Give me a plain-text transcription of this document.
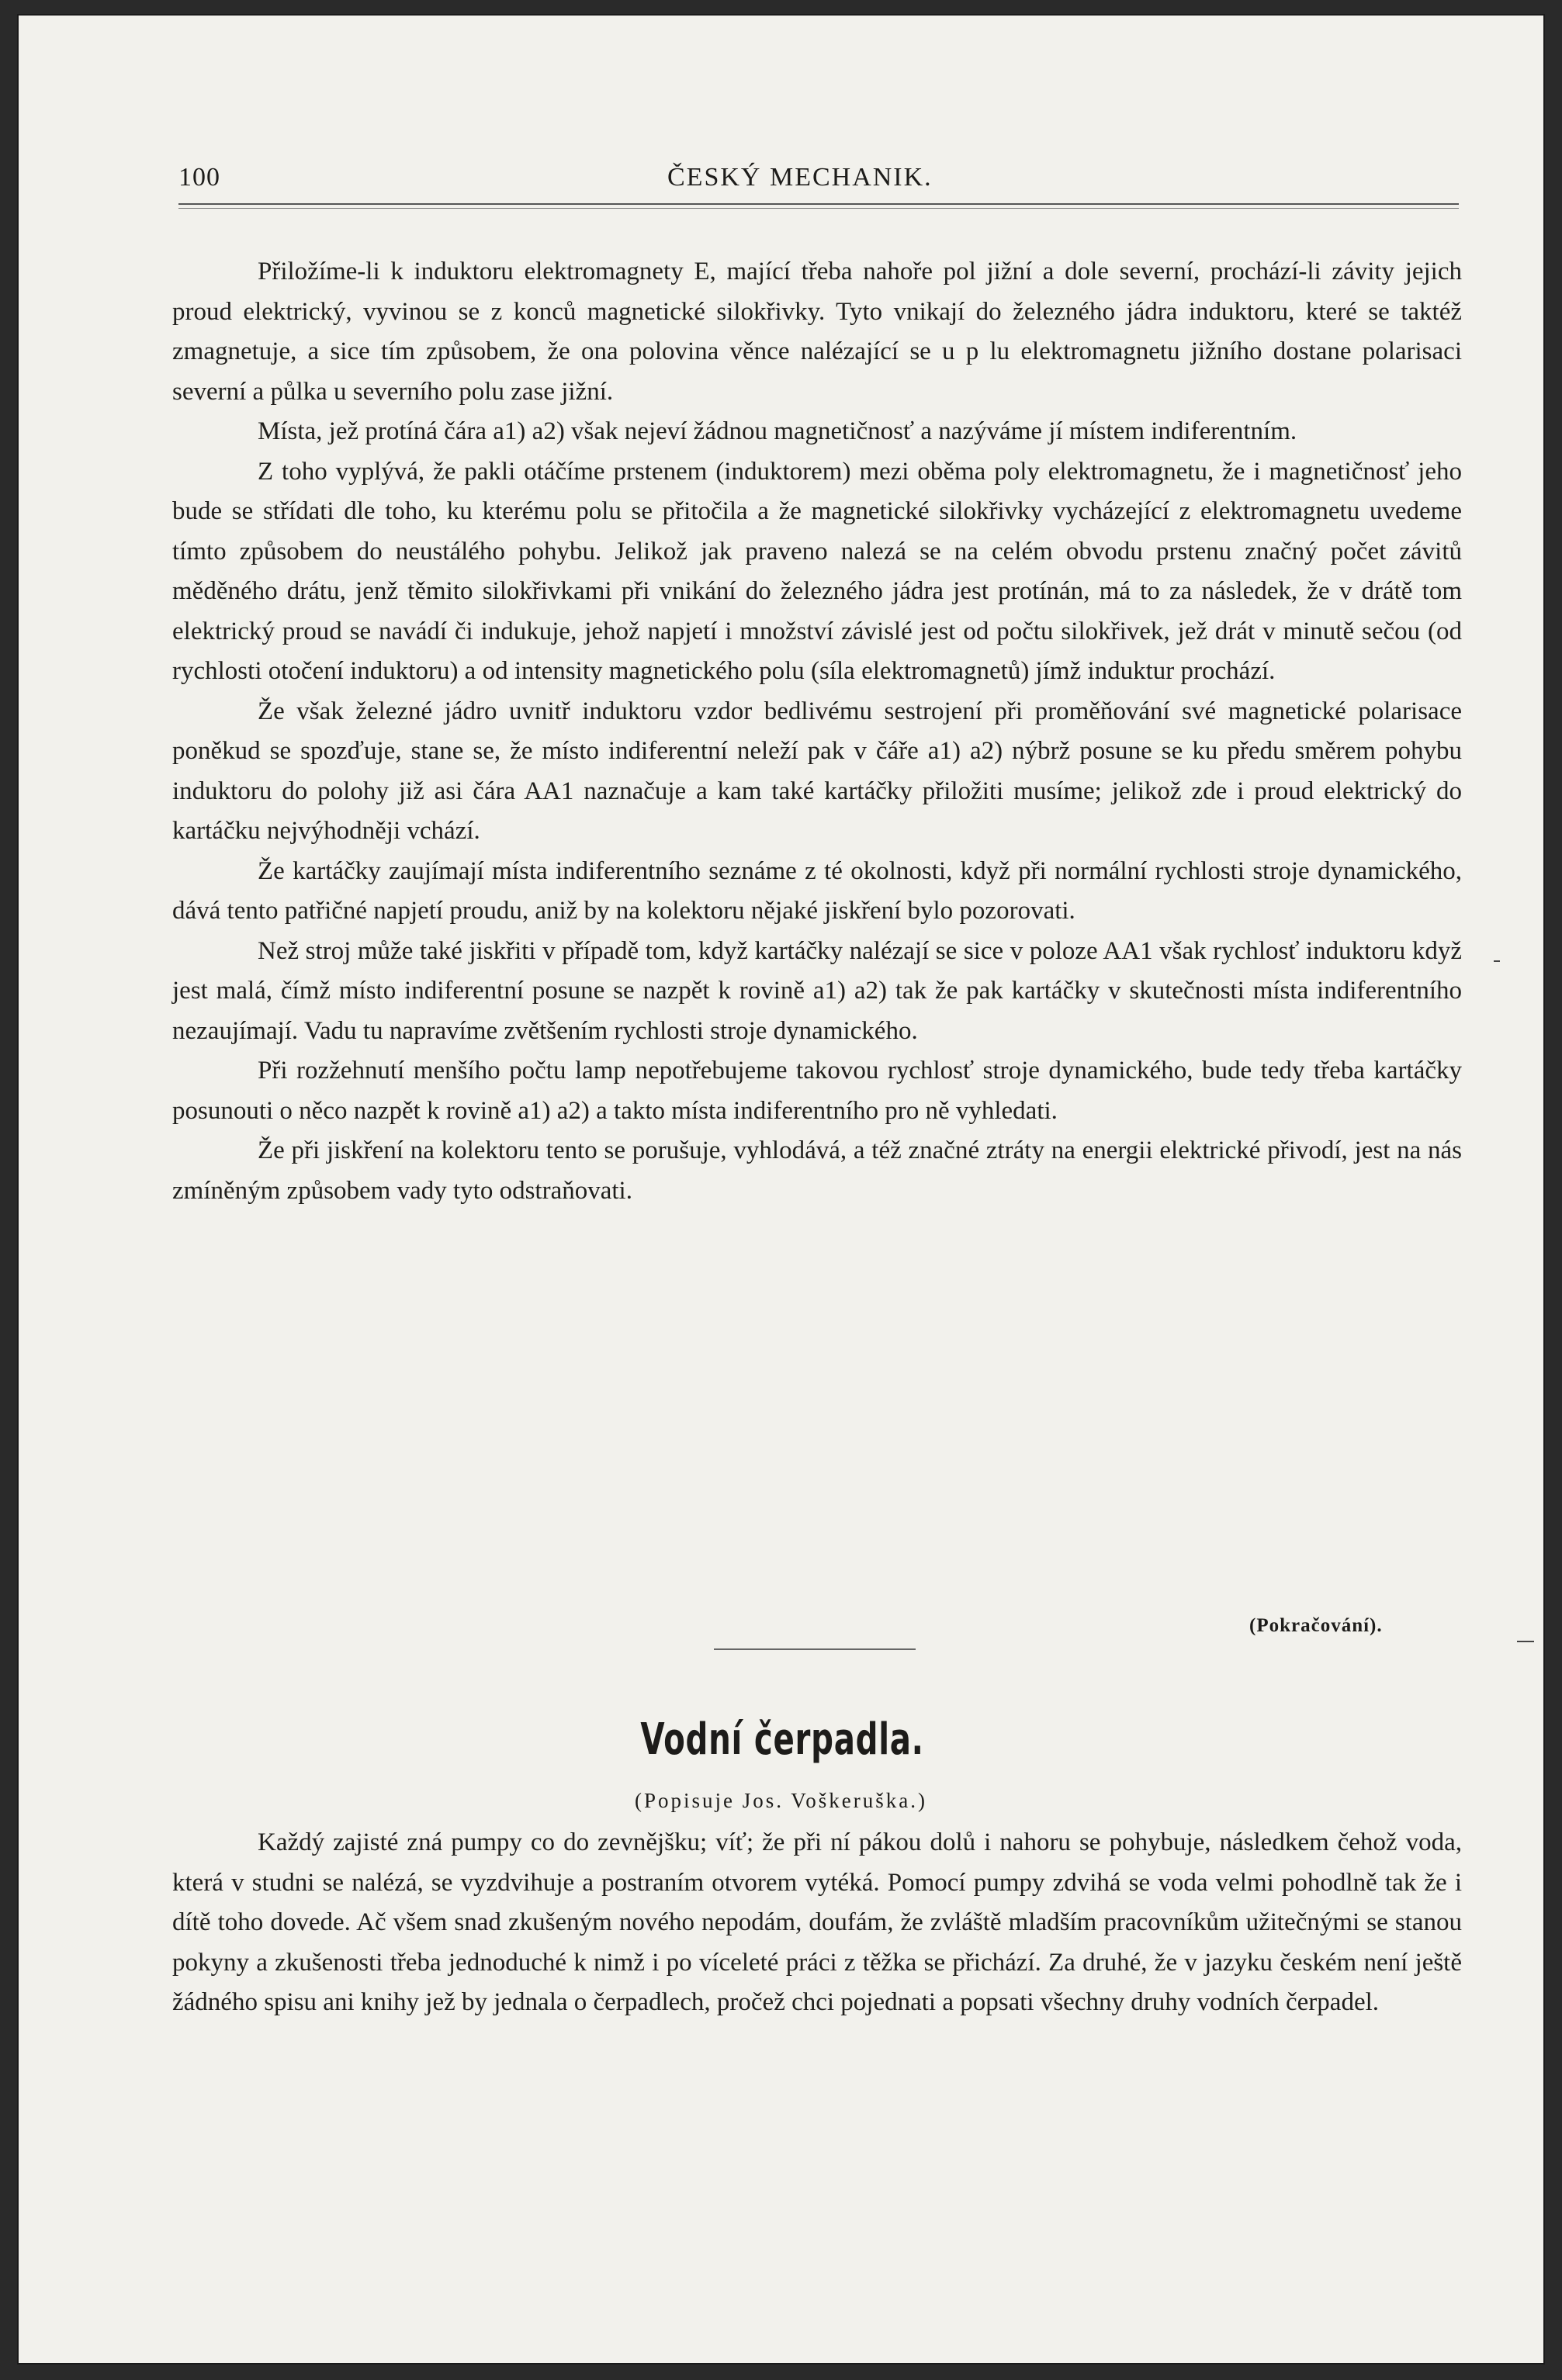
100	ČESKÝ MECHANIK.

Přiložíme-li k induktoru elektromagnety E, mající třeba nahoře pol jižní a dole severní, prochází-li závity jejich proud elektrický, vyvinou se z konců magnetické silokřivky. Tyto vnikají do železného jádra induktoru, které se taktéž zmagnetuje, a sice tím způsobem, že ona polovina věnce nalézající se u p lu elektromagnetu jižního dostane polarisaci severní a půlka u severního polu zase jižní.

Místa, jež protíná čára a1) a2) však nejeví žádnou magnetičnosť a nazýváme jí místem indiferentním.

Z toho vyplývá, že pakli otáčíme prstenem (induktorem) mezi oběma poly elektromagnetu, že i magnetičnosť jeho bude se střídati dle toho, ku kterému polu se přitočila a že magnetické silokřivky vycházející z elektromagnetu uvedeme tímto způsobem do neustálého pohybu. Jelikož jak praveno nalezá se na celém obvodu prstenu značný počet závitů měděného drátu, jenž těmito silokřivkami při vnikání do železného jádra jest protínán, má to za následek, že v drátě tom elektrický proud se navádí či indukuje, jehož napjetí i množství závislé jest od počtu silokřivek, jež drát v minutě sečou (od rychlosti otočení induktoru) a od intensity magnetického polu (síla elektromagnetů) jímž induktur prochází.

Že však železné jádro uvnitř induktoru vzdor bedlivému sestrojení při proměňování své magnetické polarisace poněkud se spozďuje, stane se, že místo indiferentní neleží pak v čáře a1) a2) nýbrž posune se ku předu směrem pohybu induktoru do polohy již asi čára AA1 naznačuje a kam také kartáčky přiložiti musíme; jelikož zde i proud elektrický do kartáčku nejvýhodněji vchází.

Že kartáčky zaujímají místa indiferentního seznáme z té okolnosti, když při normální rychlosti stroje dynamického, dává tento patřičné napjetí proudu, aniž by na kolektoru nějaké jiskření bylo pozorovati.

Než stroj může také jiskřiti v případě tom, když kartáčky nalézají se sice v poloze AA1 však rychlosť induktoru když jest malá, čímž místo indiferentní posune se nazpět k rovině a1) a2) tak že pak kartáčky v skutečnosti místa indiferentního nezaujímají. Vadu tu napravíme zvětšením rychlosti stroje dynamického.

Při rozžehnutí menšího počtu lamp nepotřebujeme takovou rychlosť stroje dynamického, bude tedy třeba kartáčky posunouti o něco nazpět k rovině a1) a2) a takto místa indiferentního pro ně vyhledati.

Že při jiskření na kolektoru tento se porušuje, vyhlodává, a též značné ztráty na energii elektrické přivodí, jest na nás zmíněným způsobem vady tyto odstraňovati.

(Pokračování).
Vodní čerpadla.
(Popisuje Jos. Voškeruška.)

Každý zajisté zná pumpy co do zevnějšku; víť; že při ní pákou dolů i nahoru se pohybuje, následkem čehož voda, která v studni se nalézá, se vyzdvihuje a postraním otvorem vytéká. Pomocí pumpy zdvihá se voda velmi pohodlně tak že i dítě toho dovede. Ač všem snad zkušeným nového nepodám, doufám, že zvláště mladším pracovníkům užitečnými se stanou pokyny a zkušenosti třeba jednoduché k nimž i po víceleté práci z těžka se přichází. Za druhé, že v jazyku českém není ještě žádného spisu ani knihy jež by jednala o čerpadlech, pročež chci pojednati a popsati všechny druhy vodních čerpadel.
